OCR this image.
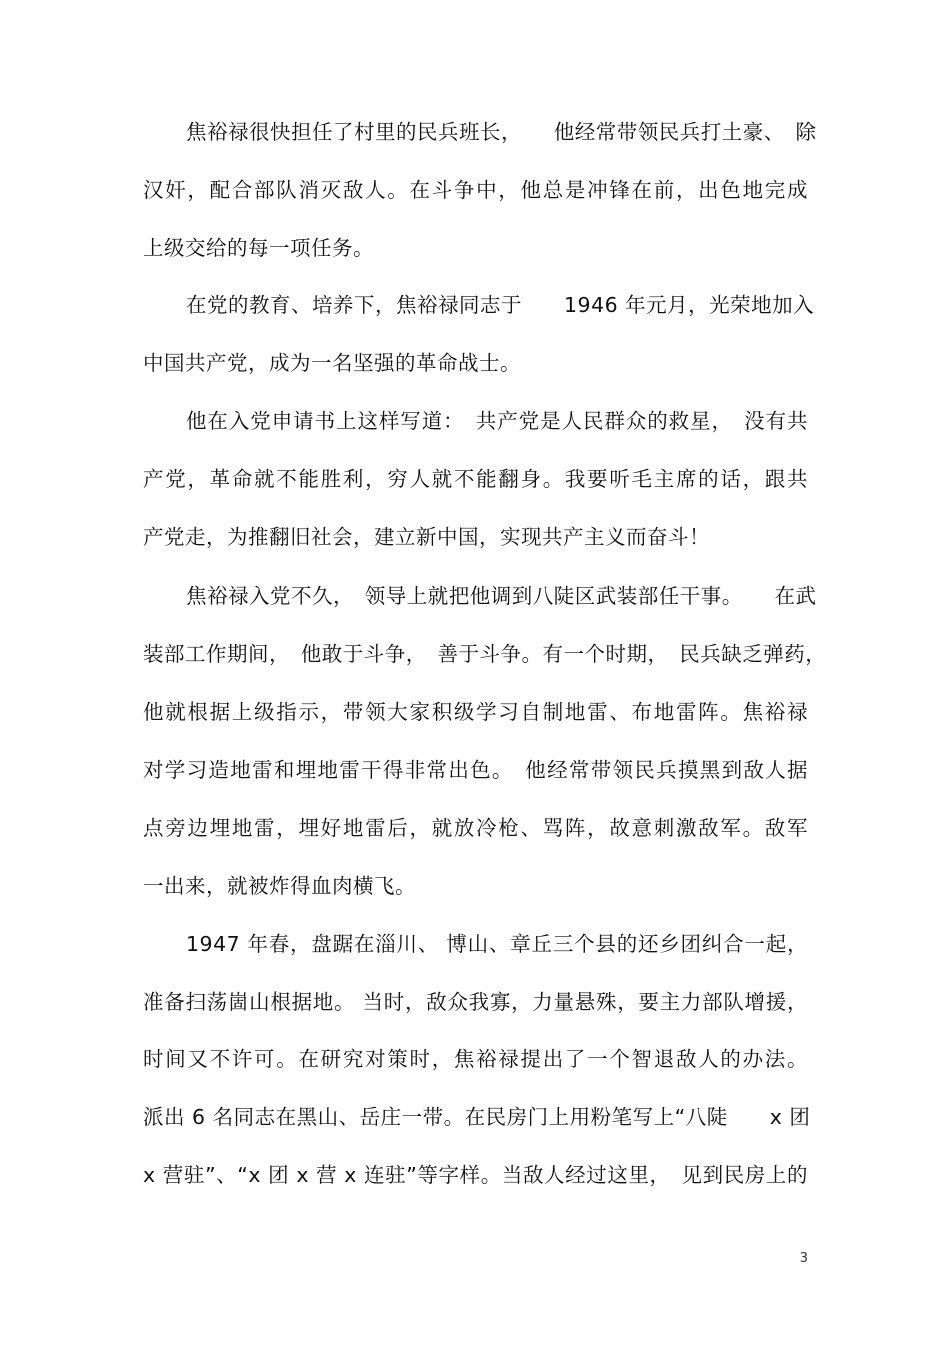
焦裕禄很快担任了村里的民兵班长，　　他经常带领民兵打土豪、　除
汉奸，配合部队消灭敌人。在斗争中，他总是冲锋在前，出色地完成
上级交给的每一项任务。
在党的教育、培养下，焦裕禄同志于　　1946 年元月，光荣地加入
中国共产党，成为一名坚强的革命战士。
他在入党申请书上这样写道：　共产党是人民群众的救星，　没有共
产党，革命就不能胜利，穷人就不能翻身。我要听毛主席的话，跟共
产党走，为推翻旧社会，建立新中国，实现共产主义而奋斗！
焦裕禄入党不久，　领导上就把他调到八陡区武装部任干事。　　在武
装部工作期间，　他敢于斗争，　善于斗争。有一个时期，　民兵缺乏弹药，
他就根据上级指示，带领大家积级学习自制地雷、布地雷阵。焦裕禄
对学习造地雷和埋地雷干得非常出色。　他经常带领民兵摸黑到敌人据
点旁边埋地雷，埋好地雷后，就放冷枪、骂阵，故意刺激敌军。敌军
一出来，就被炸得血肉横飞。
1947 年春，盘踞在淄川、 博山、章丘三个县的还乡团纠合一起，
准备扫荡崮山根据地。 当时，敌众我寡，力量悬殊，要主力部队增援，
时间又不许可。在研究对策时，焦裕禄提出了一个智退敌人的办法。
派出 6 名同志在黑山、岳庄一带。在民房门上用粉笔写上“八陡　　x 团
x 营驻”、“x 团 x 营 x 连驻”等字样。当敌人经过这里，　见到民房上的
3
